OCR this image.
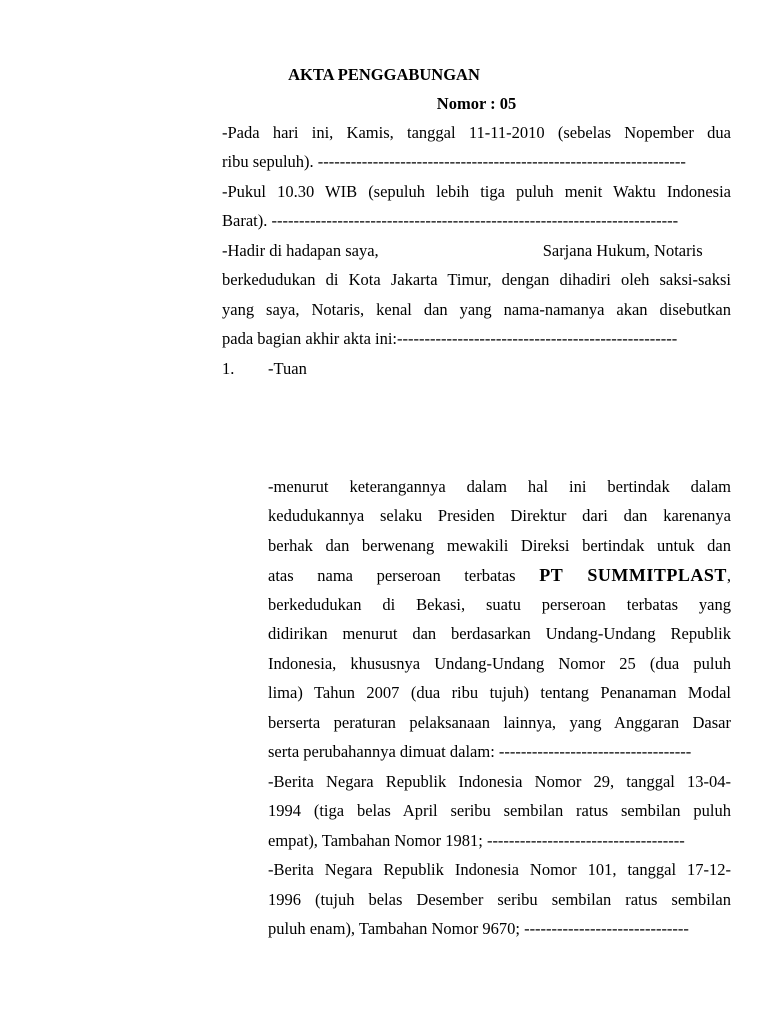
AKTA PENGGABUNGAN
Nomor : 05
-Pada hari ini, Kamis, tanggal 11-11-2010 (sebelas Nopember dua
ribu sepuluh). -------------------------------------------------------------------
-Pukul 10.30 WIB (sepuluh lebih tiga puluh menit Waktu Indonesia
Barat). --------------------------------------------------------------------------
-Hadir di hadapan saya,	Sarjana Hukum, Notaris
berkedudukan di Kota Jakarta Timur, dengan dihadiri oleh saksi-saksi
yang saya, Notaris, kenal dan yang nama-namanya akan disebutkan
pada bagian akhir akta ini:---------------------------------------------------
1. -Tuan
-menurut keterangannya dalam hal ini bertindak dalam
kedudukannya selaku Presiden Direktur dari dan karenanya
berhak dan berwenang mewakili Direksi bertindak untuk dan
atas nama perseroan terbatas PT SUMMITPLAST,
berkedudukan di Bekasi, suatu perseroan terbatas yang
didirikan menurut dan berdasarkan Undang-Undang Republik
Indonesia, khususnya Undang-Undang Nomor 25 (dua puluh
lima) Tahun 2007 (dua ribu tujuh) tentang Penanaman Modal
berserta peraturan pelaksanaan lainnya, yang Anggaran Dasar
serta perubahannya dimuat dalam: -----------------------------------
-Berita Negara Republik Indonesia Nomor 29, tanggal 13-04-
1994 (tiga belas April seribu sembilan ratus sembilan puluh
empat), Tambahan Nomor 1981; ------------------------------------
-Berita Negara Republik Indonesia Nomor 101, tanggal 17-12-
1996 (tujuh belas Desember seribu sembilan ratus sembilan
puluh enam), Tambahan Nomor 9670; ------------------------------
